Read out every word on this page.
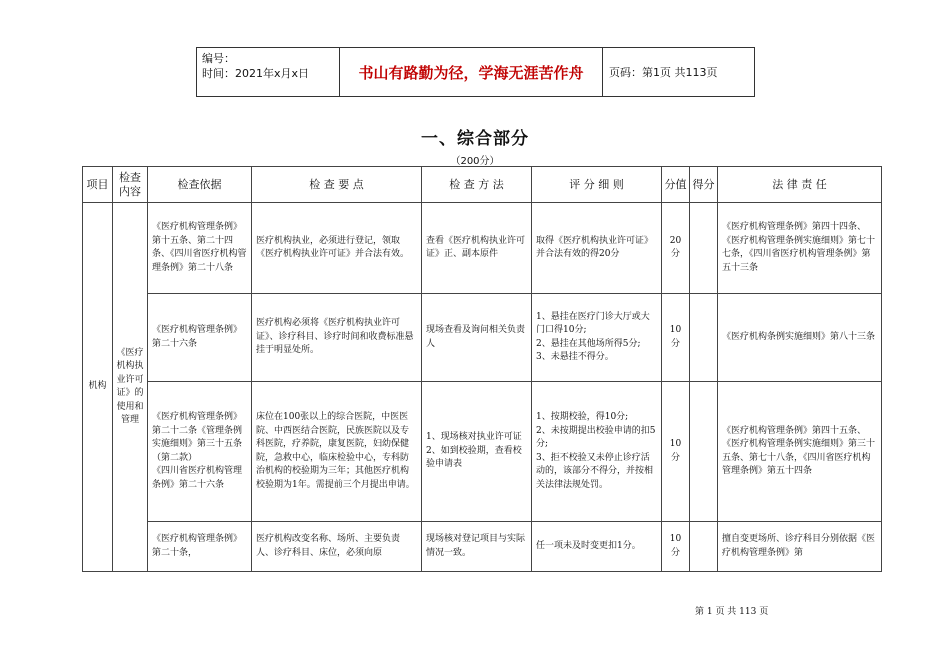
编号：
时间：2021年x月x日	书山有路勤为径，学海无涯苦作舟	页码：第1页 共113页
一、综合部分
（200分）
项目	检查内容	检查依据	检 查 要 点	检 查 方 法	评 分 细 则	分值	得分	法 律 责 任
机构	《医疗机构执业许可证》的使用和管理	《医疗机构管理条例》第十五条、第二十四条、《四川省医疗机构管理条例》第二十八条	医疗机构执业，必须进行登记，领取《医疗机构执业许可证》并合法有效。	查看《医疗机构执业许可证》正、副本原件	取得《医疗机构执业许可证》并合法有效的得20分	20分		《医疗机构管理条例》第四十四条、《医疗机构管理条例实施细则》第七十七条，《四川省医疗机构管理条例》第五十三条
		《医疗机构管理条例》第二十六条	医疗机构必须将《医疗机构执业许可证》、诊疗科目、诊疗时间和收费标准悬挂于明显处所。	现场查看及询问相关负责人	1、悬挂在医疗门诊大厅或大门口得10分;
2、悬挂在其他场所得5分;
3、未悬挂不得分。	10分		《医疗机构条例实施细则》第八十三条
		《医疗机构管理条例》第二十二条《管理条例实施细则》第三十五条（第二款）
《四川省医疗机构管理条例》第二十六条	床位在100张以上的综合医院，中医医院、中西医结合医院，民族医院以及专科医院，疗养院，康复医院，妇幼保健院，急救中心，临床检验中心，专科防治机构的校验期为三年；其他医疗机构校验期为1年。需提前三个月提出申请。	1、现场核对执业许可证
2、如到校验期，查看校验申请表	1、按期校验，得10分;
2、未按期提出校验申请的扣5分;
3、拒不校验又未停止诊疗活动的，该部分不得分，并按相关法律法规处罚。	10分		《医疗机构管理条例》第四十五条、《医疗机构管理条例实施细则》第三十五条、第七十八条，《四川省医疗机构管理条例》第五十四条
		《医疗机构管理条例》第二十条，	医疗机构改变名称、场所、主要负责人、诊疗科目、床位，必须向原	现场核对登记项目与实际情况一致。	任一项未及时变更扣1分。	10分		擅自变更场所、诊疗科目分别依据《医疗机构管理条例》第
第 1 页 共 113 页
